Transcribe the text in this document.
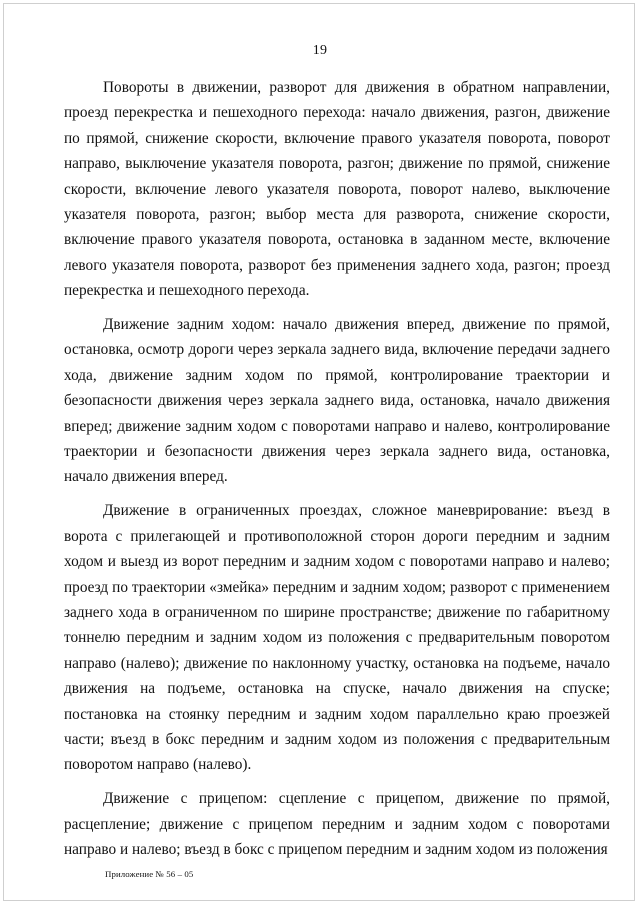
19

Повороты в движении, разворот для движения в обратном направлении, проезд перекрестка и пешеходного перехода: начало движения, разгон, движение по прямой, снижение скорости, включение правого указателя поворота, поворот направо, выключение указателя поворота, разгон; движение по прямой, снижение скорости, включение левого указателя поворота, поворот налево, выключение указателя поворота, разгон; выбор места для разворота, снижение скорости, включение правого указателя поворота, остановка в заданном месте, включение левого указателя поворота, разворот без применения заднего хода, разгон; проезд перекрестка и пешеходного перехода.

Движение задним ходом: начало движения вперед, движение по прямой, остановка, осмотр дороги через зеркала заднего вида, включение передачи заднего хода, движение задним ходом по прямой, контролирование траектории и безопасности движения через зеркала заднего вида, остановка, начало движения вперед; движение задним ходом с поворотами направо и налево, контролирование траектории и безопасности движения через зеркала заднего вида, остановка, начало движения вперед.

Движение в ограниченных проездах, сложное маневрирование: въезд в ворота с прилегающей и противоположной сторон дороги передним и задним ходом и выезд из ворот передним и задним ходом с поворотами направо и налево; проезд по траектории «змейка» передним и задним ходом; разворот с применением заднего хода в ограниченном по ширине пространстве; движение по габаритному тоннелю передним и задним ходом из положения с предварительным поворотом направо (налево); движение по наклонному участку, остановка на подъеме, начало движения на подъеме, остановка на спуске, начало движения на спуске; постановка на стоянку передним и задним ходом параллельно краю проезжей части; въезд в бокс передним и задним ходом из положения с предварительным поворотом направо (налево).

Движение с прицепом: сцепление с прицепом, движение по прямой, расцепление; движение с прицепом передним и задним ходом с поворотами направо и налево; въезд в бокс с прицепом передним и задним ходом из положения

Приложение № 56 – 05
